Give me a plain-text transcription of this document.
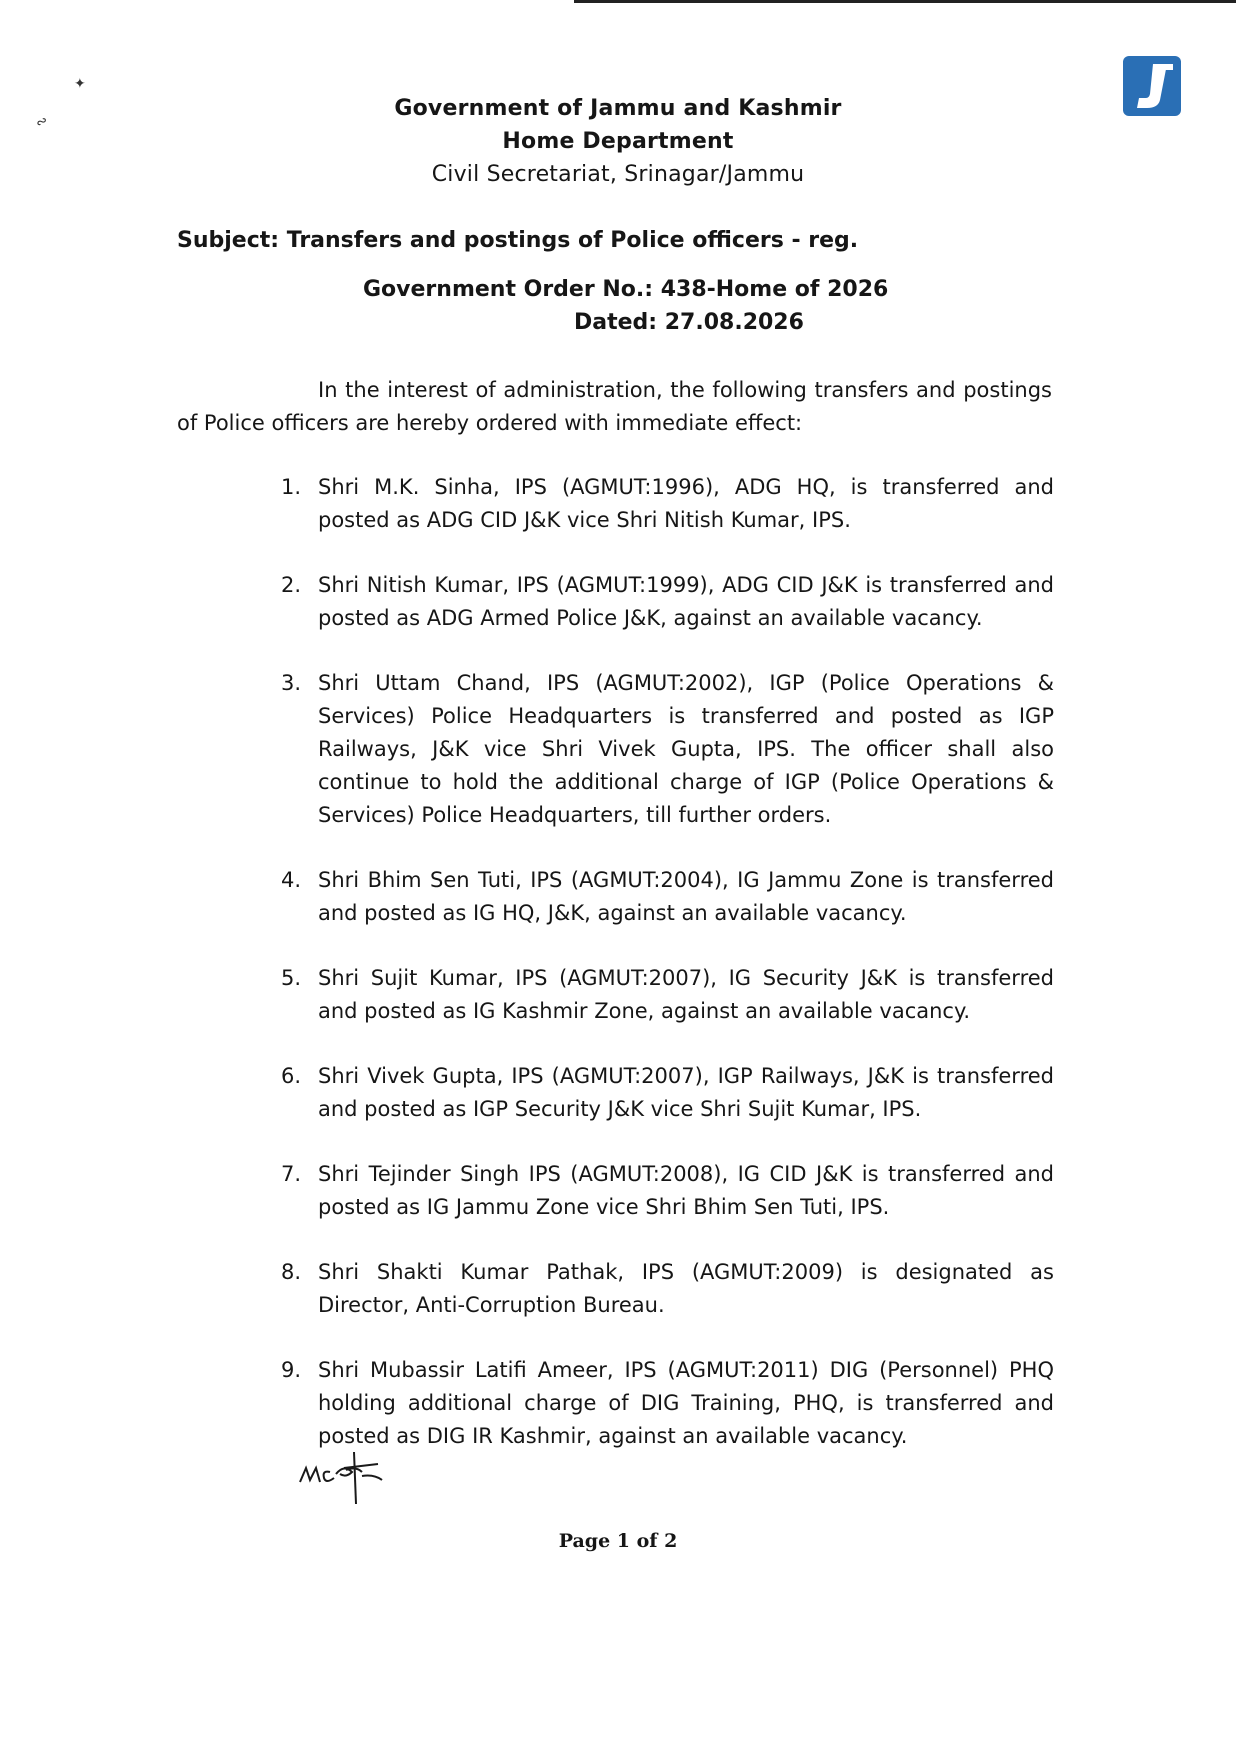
✦
∾
Government of Jammu and Kashmir
Home Department
Civil Secretariat, Srinagar/Jammu
Subject: Transfers and postings of Police officers - reg.
Government Order No.: 438-Home of 2026
Dated: 27.08.2026

In the interest of administration, the following transfers and postings of Police officers are hereby ordered with immediate effect:

1. Shri M.K. Sinha, IPS (AGMUT:1996), ADG HQ, is transferred and posted as ADG CID J&K vice Shri Nitish Kumar, IPS.
2. Shri Nitish Kumar, IPS (AGMUT:1999), ADG CID J&K is transferred and posted as ADG Armed Police J&K, against an available vacancy.
3. Shri Uttam Chand, IPS (AGMUT:2002), IGP (Police Operations & Services) Police Headquarters is transferred and posted as IGP Railways, J&K vice Shri Vivek Gupta, IPS. The officer shall also continue to hold the additional charge of IGP (Police Operations & Services) Police Headquarters, till further orders.
4. Shri Bhim Sen Tuti, IPS (AGMUT:2004), IG Jammu Zone is transferred and posted as IG HQ, J&K, against an available vacancy.
5. Shri Sujit Kumar, IPS (AGMUT:2007), IG Security J&K is transferred and posted as IG Kashmir Zone, against an available vacancy.
6. Shri Vivek Gupta, IPS (AGMUT:2007), IGP Railways, J&K is transferred and posted as IGP Security J&K vice Shri Sujit Kumar, IPS.
7. Shri Tejinder Singh IPS (AGMUT:2008), IG CID J&K is transferred and posted as IG Jammu Zone vice Shri Bhim Sen Tuti, IPS.
8. Shri Shakti Kumar Pathak, IPS (AGMUT:2009) is designated as Director, Anti-Corruption Bureau.
9. Shri Mubassir Latifi Ameer, IPS (AGMUT:2011) DIG (Personnel) PHQ holding additional charge of DIG Training, PHQ, is transferred and posted as DIG IR Kashmir, against an available vacancy.
Page 1 of 2
